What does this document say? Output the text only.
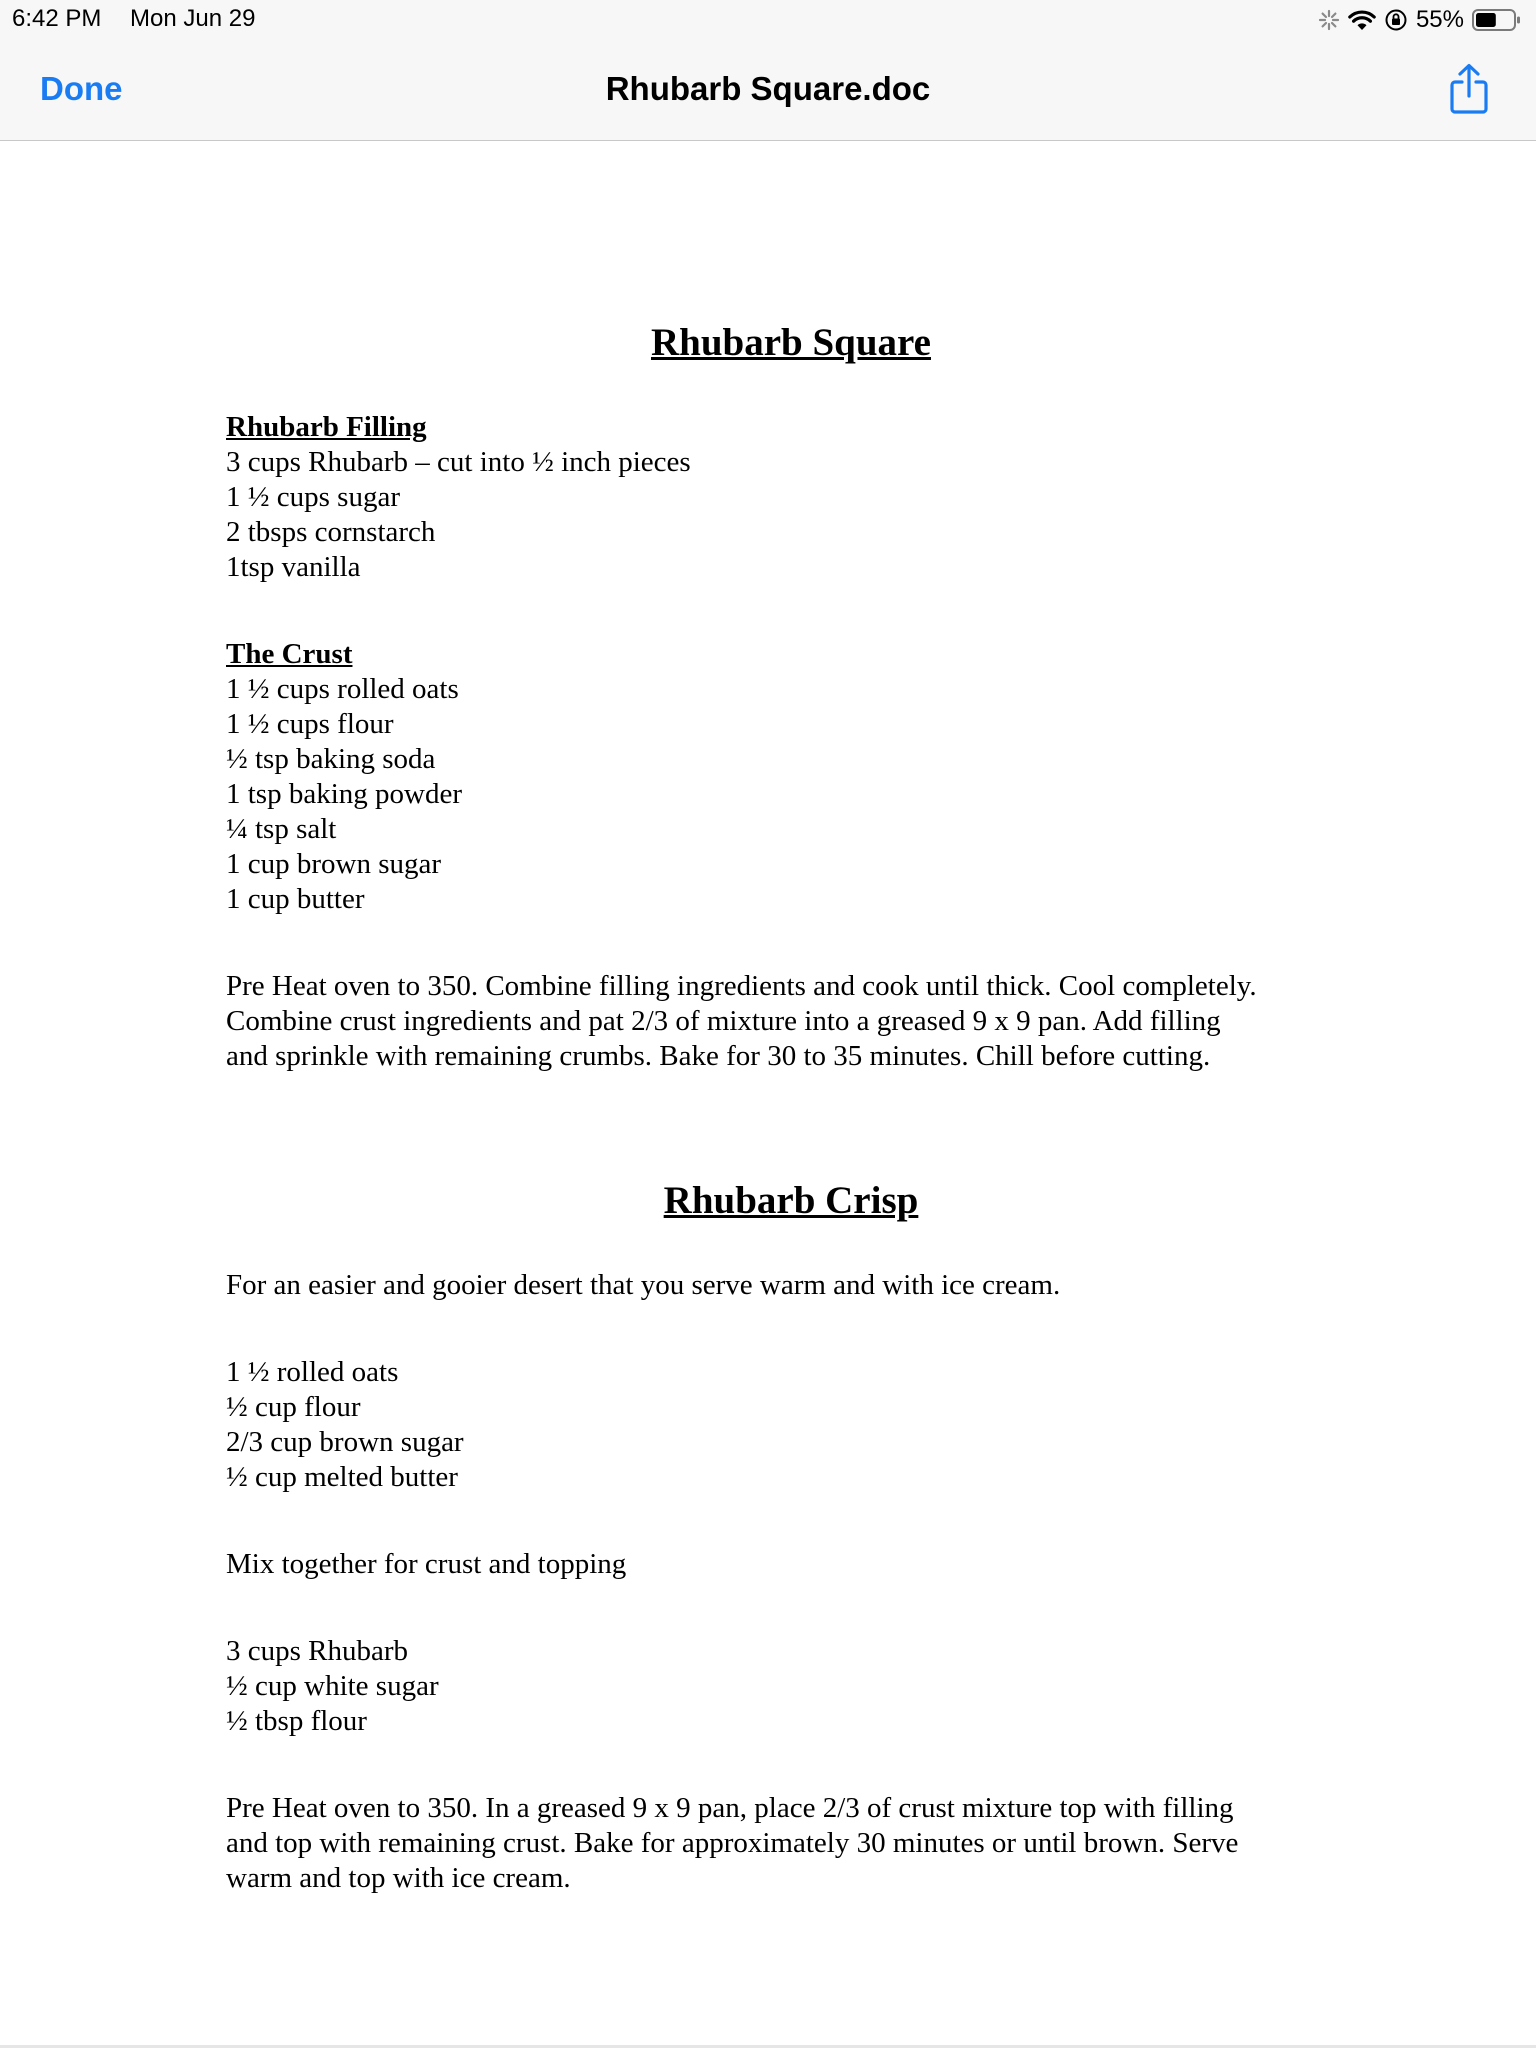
6:42 PM Mon Jun 29	55%
Done	Rhubarb Square.doc
Rhubarb Square
Rhubarb Filling
3 cups Rhubarb – cut into ½ inch pieces
1 ½ cups sugar
2 tbsps cornstarch
1tsp vanilla
The Crust
1 ½ cups rolled oats
1 ½ cups flour
½ tsp baking soda
1 tsp baking powder
¼ tsp salt
1 cup brown sugar
1 cup butter
Pre Heat oven to 350. Combine filling ingredients and cook until thick. Cool completely.
Combine crust ingredients and pat 2/3 of mixture into a greased 9 x 9 pan. Add filling
and sprinkle with remaining crumbs. Bake for 30 to 35 minutes. Chill before cutting.
Rhubarb Crisp
For an easier and gooier desert that you serve warm and with ice cream.
1 ½ rolled oats
½ cup flour
2/3 cup brown sugar
½ cup melted butter
Mix together for crust and topping
3 cups Rhubarb
½ cup white sugar
½ tbsp flour
Pre Heat oven to 350. In a greased 9 x 9 pan, place 2/3 of crust mixture top with filling
and top with remaining crust. Bake for approximately 30 minutes or until brown. Serve
warm and top with ice cream.
